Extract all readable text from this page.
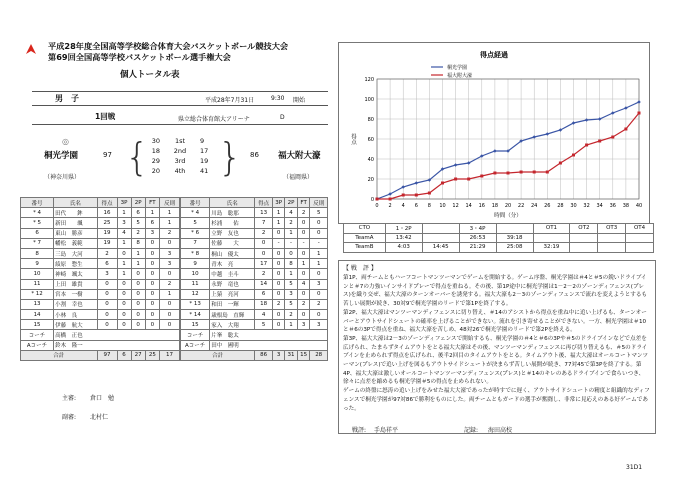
平成28年度全国高等学校総合体育大会バスケットボール競技大会
第69回全国高等学校バスケットボール選手権大会
個人トータル表
男　子	平成28年7月31日	9:30 開始
1回戦	県立総合体育館大アリーナ	D
◎
桐光学園
（神奈川県）
97 { } 86 福大附大濠
（福岡県）
30	1st	9
18	2nd	17
29	3rd	19
20	4th	41
番号	氏名	得点	3P	2P	FT	反則
* 4	田代　　鉾	16	1	6	1	1
* 5	新田　　颯	25	3	5	6	1
6	東山　勝彦	19	4	2	3	2
* 7	幡松　義範	19	1	8	0	0
8	三島　大河	2	0	1	0	3
9	綾原　惣生	6	1	1	0	3
10	神崎　颯太	3	1	0	0	0
11	上田　雄貴	0	0	0	0	2
* 12	宮本　一樹	0	0	0	0	1
13	小割　幸也	0	0	0	0	0
14	小林　良	0	0	0	0	0
15	伊藤　航大	0	0	0	0	0
コーチ	高橋　正也					
Aコーチ	鈴木　隆一					
合計		97	6	27	25	17
番号	氏名	得点	3P	2P	FT	反則
* 4	川島　聡那	13	1	4	2	5
5	杉浦　　佑	7	1	2	0	0
* 6	立野　友也	2	0	1	0	0
7	佐藤　　大	0	-	-	-	-
* 8	桐山　優太	0	0	0	0	1
9	青木　亮	17	0	8	1	1
10	中越　圭斗	2	0	1	0	0
11	永野　竜也	14	0	5	4	3
12	上猿　亮河	6	0	3	0	0
* 13	和田　一輝	18	2	5	2	2
* 14	歳根島　直輝	4	0	2	0	0
15	家入　大翔	5	0	1	3	3
コーチ	片峯　聡太					
Aコーチ	田中　國明					
合計		86	3	31	15	28
主審: 倉口　勉
副審: 北村仁
得点経過
0
20
40
60
80
100
120
0 2 4 6 8 10 12 14 16 18 20 22 24 26 28 30 32 34 36 38 40
時間（分）
得点
桐光学園
福大附大濠
CTO	1・2P		3・4P		OT1	OT2	OT3	OT4
TeamA	13:42		26:53	39:18				
TeamB	4:03	14:45	21:29	25:08	32:19			
【 戦　評 】
第1P、両チームともハーフコートマンツーマンでゲームを開始する。ゲーム序盤、桐光学園は＃4と＃5の鋭いドライブインと＃7の力強いインサイドプレーで得点を重ねる。その後、第1P途中に桐光学園は1－2－2のゾーンディフェンス(プレス)を織り交ぜ、福大大濠のターンオーバーを誘発する。福大大濠も2－3のゾーンディフェンスで流れを変えようとするも苦しい展開が続き、30対9で桐光学園のリードで第1Pを終了する。
第2P、福大大濠はマンツーマンディフェンスに切り替え、＃14のアシストから得点を重ね中に追い上げるも、ターンオーバーとアウトサイドシュートの確率を上げることができない。流れを引き寄せることができない。一方、桐光学園は＃10と＃6の3Pで得点を重ね、福大大濠を苦しめ、48対26で桐光学園のリードで第2Pを終える。
第3P、福大大濠は2－3のゾーンディフェンスで開始するも、桐光学園の＃4と＃6の3Pや＃5のドライブインなどで点差を広げられ、たまらずタイムアウトをとる福大大濠はその後、マンツーマンディフェンスに再び切り替えるも、＃5のドライブインを止められず得点を広げられ、後半2回目のタイムアウトをとる。タイムアウト後、福大大濠はオールコートマンツーマン(プレス)で追い上げを図るもアウトサイドシュートが決まらず苦しい展開が続き、77対45で第3Pを終了する。第4P、福大大濠は激しいオールコートマンツーマンディフェンス(プレス)と＃14のキレのあるドライブインで食らいつき、徐々に点差を縮めるも桐光学園＃5の得点を止められない。
ゲームの終盤に怒涛の追い上げをみせた福大大濠であったが時すでに遅く、アウトサイドシュートの精度と組織的なディフェンスで桐光学園が97対86で勝利をものにした。両チームともガードの選手が奮闘し、非常に見応えのある好ゲームであった。
戦評: 手島祥平	記録: 海田高校
31D1
